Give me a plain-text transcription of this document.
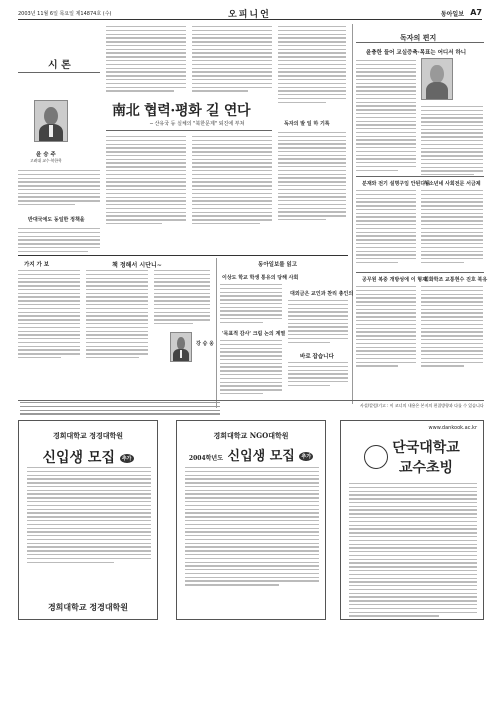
2003년 11월 6일 목요일 제14874호 (수)	오피니언	동아일보 A7
시 론
윤 승 주
고려대 교수·북한학
반대국에도 동일한 정책을
南北 협력·평화 길 연다
─ 산유국 등 실체의 "북한문제" 퇴진에 부쳐	독자의 발 일 하 기록
독자의 편지
윤충한 들어 교실증축·목표는 어디서 하니
분재와 전기 설명구임 안된다니
청소년네 사회전문 서금제
공무원 복중 개방성에 이 형제
회화학조 교통현수 진호 북유
가지 가 보	책 정해서 시단니~
강 승 웅
동아일보를 읽고
이상도 학교 학생 통유의 당해 사회
'목표적 감사' 크림 논의 계열
대외금은 교인과 찬리 총인의
바로 잡습니다
사설/칼럼/기고 : 이 코너의 내용은 본지의 편집방향과 다를 수 있습니다
경희대학교 정경대학원
신입생 모집 추가
경희대학교 정경대학원
경희대학교 NGO대학원
2004학년도 신입생 모집 추가
www.dankook.ac.kr
단국대학교
교수초빙
